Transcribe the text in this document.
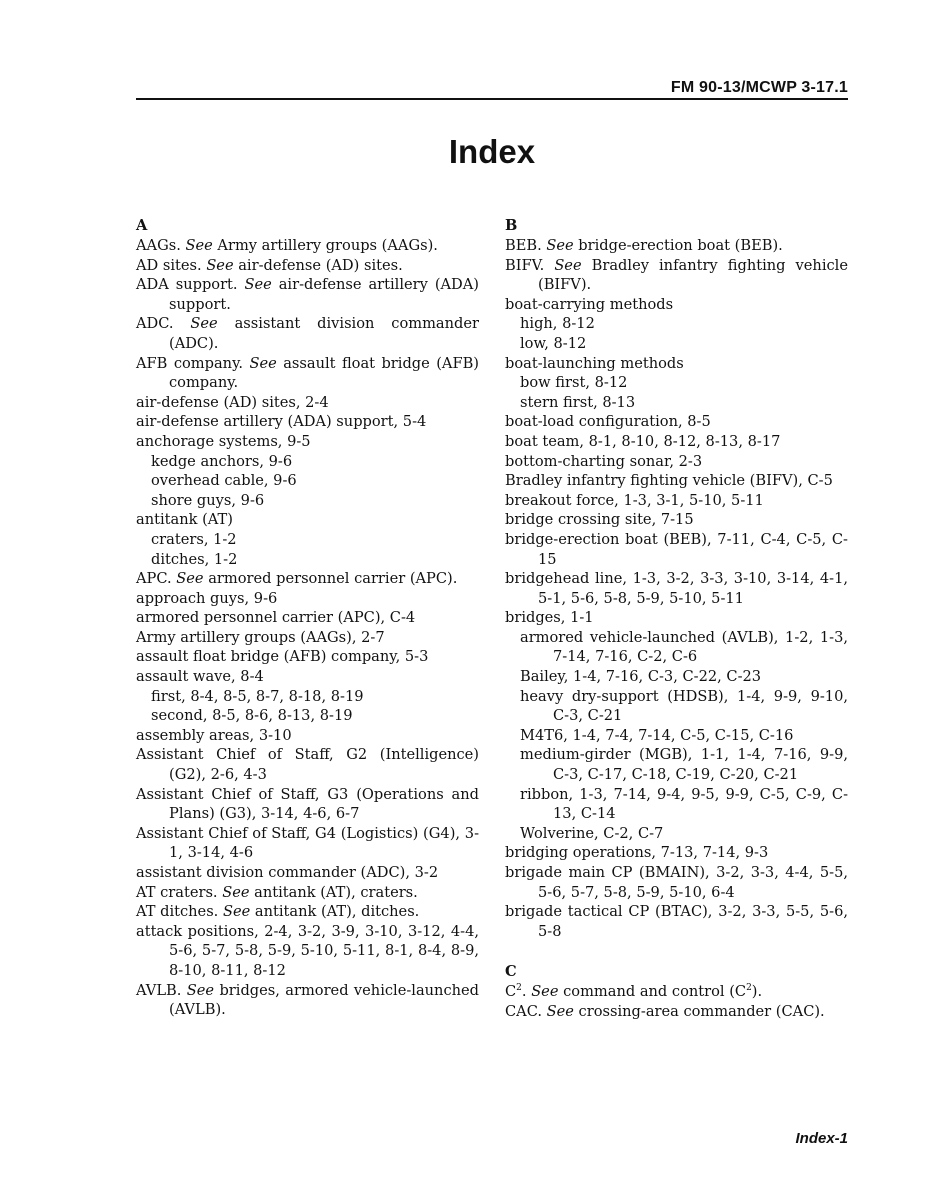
FM 90-13/MCWP 3-17.1
Index
A

AAGs. See Army artillery groups (AAGs).

AD sites. See air-defense (AD) sites.

ADA support. See air-defense artillery (ADA) support.

ADC. See assistant division commander (ADC).

AFB company. See assault float bridge (AFB) company.

air-defense (AD) sites, 2-4

air-defense artillery (ADA) support, 5-4

anchorage systems, 9-5

kedge anchors, 9-6

overhead cable, 9-6

shore guys, 9-6

antitank (AT)

craters, 1-2

ditches, 1-2

APC. See armored personnel carrier (APC).

approach guys, 9-6

armored personnel carrier (APC), C-4

Army artillery groups (AAGs), 2-7

assault float bridge (AFB) company, 5-3

assault wave, 8-4

first, 8-4, 8-5, 8-7, 8-18, 8-19

second, 8-5, 8-6, 8-13, 8-19

assembly areas, 3-10

Assistant Chief of Staff, G2 (Intelligence) (G2), 2-6, 4-3

Assistant Chief of Staff, G3 (Operations and Plans) (G3), 3-14, 4-6, 6-7

Assistant Chief of Staff, G4 (Logistics) (G4), 3-1, 3-14, 4-6

assistant division commander (ADC), 3-2

AT craters. See antitank (AT), craters.

AT ditches. See antitank (AT), ditches.

attack positions, 2-4, 3-2, 3-9, 3-10, 3-12, 4-4, 5-6, 5-7, 5-8, 5-9, 5-10, 5-11, 8-1, 8-4, 8-9, 8-10, 8-11, 8-12

AVLB. See bridges, armored vehicle-launched (AVLB).

B

BEB. See bridge-erection boat (BEB).

BIFV. See Bradley infantry fighting vehicle (BIFV).

boat-carrying methods

high, 8-12

low, 8-12

boat-launching methods

bow first, 8-12

stern first, 8-13

boat-load configuration, 8-5

boat team, 8-1, 8-10, 8-12, 8-13, 8-17

bottom-charting sonar, 2-3

Bradley infantry fighting vehicle (BIFV), C-5

breakout force, 1-3, 3-1, 5-10, 5-11

bridge crossing site, 7-15

bridge-erection boat (BEB), 7-11, C-4, C-5, C-15

bridgehead line, 1-3, 3-2, 3-3, 3-10, 3-14, 4-1, 5-1, 5-6, 5-8, 5-9, 5-10, 5-11

bridges, 1-1

armored vehicle-launched (AVLB), 1-2, 1-3, 7-14, 7-16, C-2, C-6

Bailey, 1-4, 7-16, C-3, C-22, C-23

heavy dry-support (HDSB), 1-4, 9-9, 9-10, C-3, C-21

M4T6, 1-4, 7-4, 7-14, C-5, C-15, C-16

medium-girder (MGB), 1-1, 1-4, 7-16, 9-9, C-3, C-17, C-18, C-19, C-20, C-21

ribbon, 1-3, 7-14, 9-4, 9-5, 9-9, C-5, C-9, C-13, C-14

Wolverine, C-2, C-7

bridging operations, 7-13, 7-14, 9-3

brigade main CP (BMAIN), 3-2, 3-3, 4-4, 5-5, 5-6, 5-7, 5-8, 5-9, 5-10, 6-4

brigade tactical CP (BTAC), 3-2, 3-3, 5-5, 5-6, 5-8

C

$C^2$. See command and control $(C^2)$.

CAC. See crossing-area commander (CAC).

Index-1
